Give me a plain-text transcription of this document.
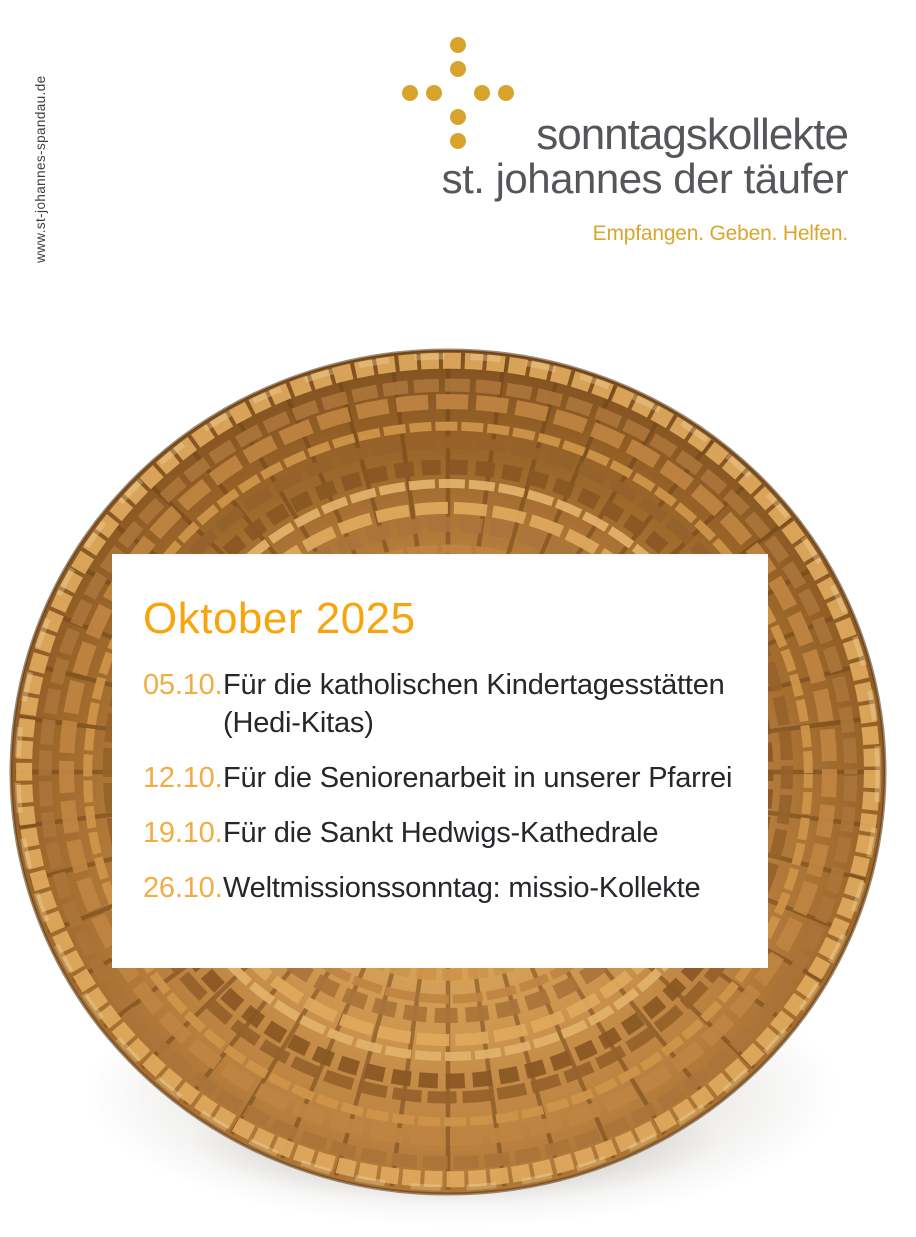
www.st-johannes-spandau.de	sonntagskollekte
st. johannes der täufer
Empfangen. Geben. Helfen.
Oktober 2025
05.10. Für die katholischen Kindertagesstätten
(Hedi-Kitas)
12.10. Für die Seniorenarbeit in unserer Pfarrei
19.10. Für die Sankt Hedwigs-Kathedrale
26.10. Weltmissionssonntag: missio-Kollekte
